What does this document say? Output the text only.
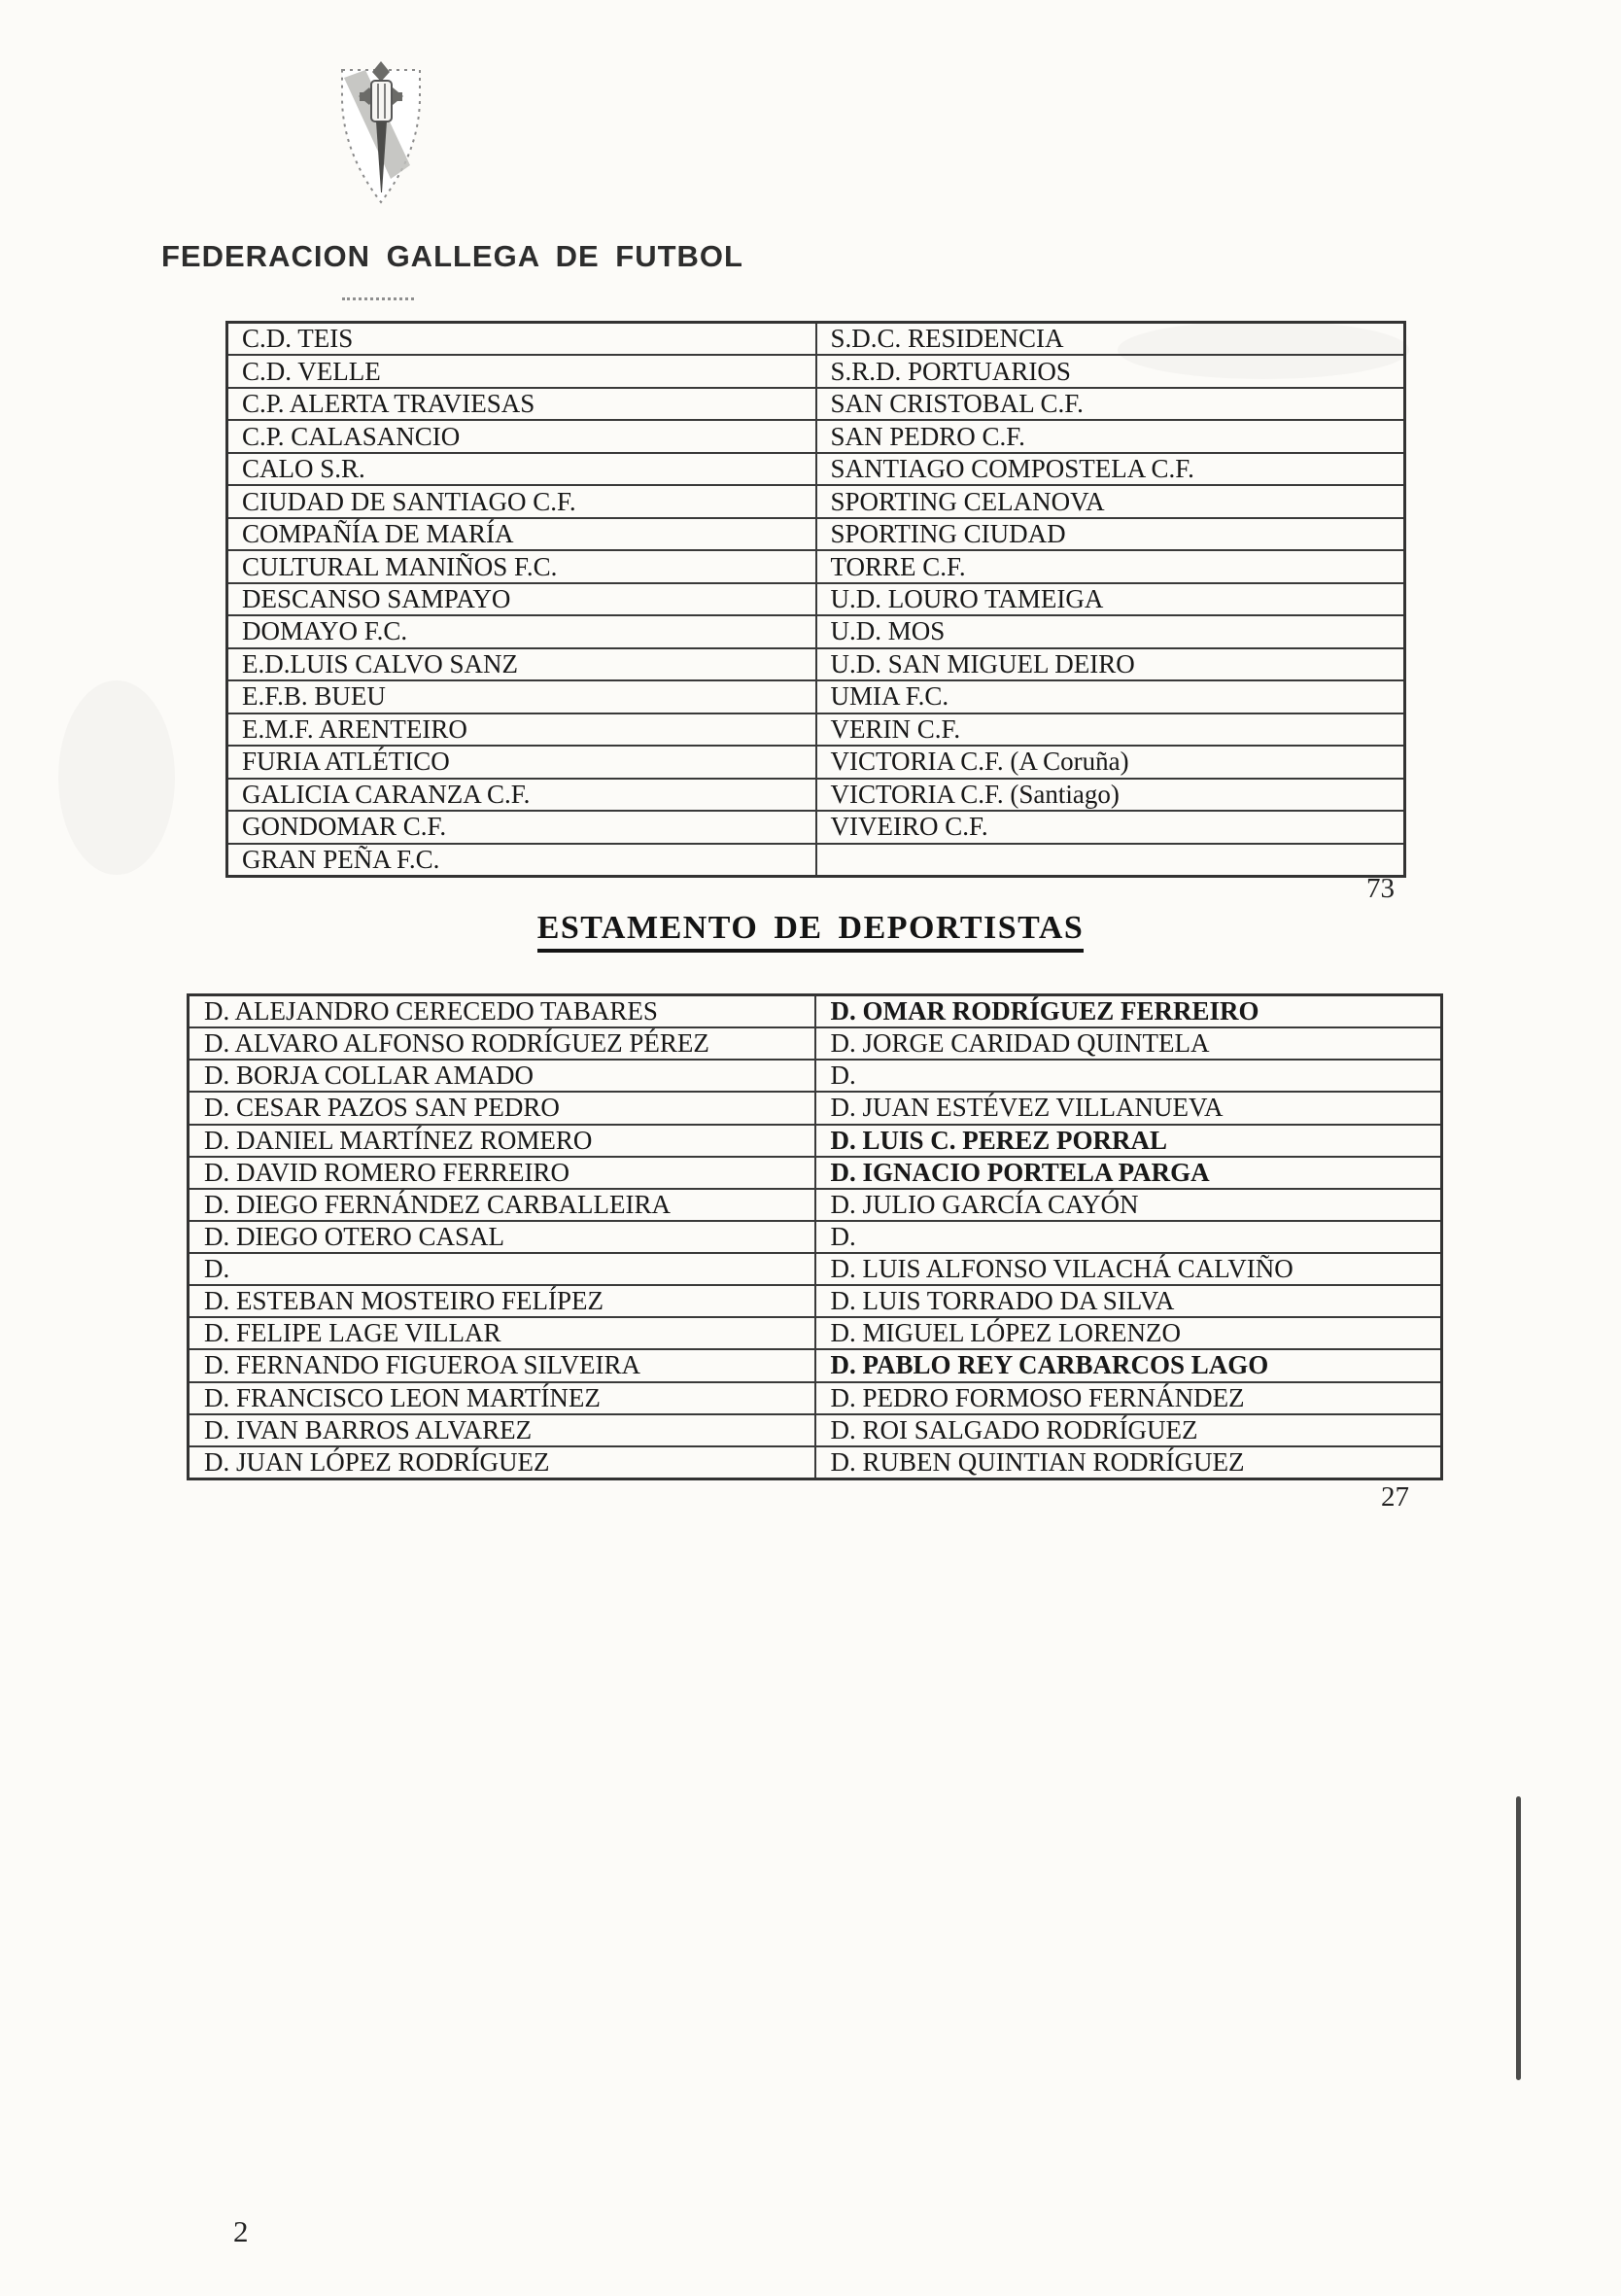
FEDERACION GALLEGA DE FUTBOL
C.D. TEIS	S.D.C. RESIDENCIA
C.D. VELLE	S.R.D. PORTUARIOS
C.P. ALERTA TRAVIESAS	SAN CRISTOBAL C.F.
C.P. CALASANCIO	SAN PEDRO C.F.
CALO S.R.	SANTIAGO COMPOSTELA C.F.
CIUDAD DE SANTIAGO C.F.	SPORTING CELANOVA
COMPAÑÍA DE MARÍA	SPORTING CIUDAD
CULTURAL MANIÑOS F.C.	TORRE C.F.
DESCANSO SAMPAYO	U.D. LOURO TAMEIGA
DOMAYO F.C.	U.D. MOS
E.D.LUIS CALVO SANZ	U.D. SAN MIGUEL DEIRO
E.F.B. BUEU	UMIA F.C.
E.M.F. ARENTEIRO	VERIN C.F.
FURIA ATLÉTICO	VICTORIA C.F. (A Coruña)
GALICIA CARANZA C.F.	VICTORIA C.F. (Santiago)
GONDOMAR C.F.	VIVEIRO C.F.
GRAN PEÑA F.C.	
73
ESTAMENTO DE DEPORTISTAS
D. ALEJANDRO CERECEDO TABARES	D. OMAR RODRÍGUEZ FERREIRO
D. ALVARO ALFONSO RODRÍGUEZ PÉREZ	D. JORGE CARIDAD QUINTELA
D. BORJA COLLAR AMADO	D.
D. CESAR PAZOS SAN PEDRO	D. JUAN ESTÉVEZ VILLANUEVA
D. DANIEL MARTÍNEZ ROMERO	D. LUIS C. PEREZ PORRAL
D. DAVID ROMERO FERREIRO	D. IGNACIO PORTELA PARGA
D. DIEGO FERNÁNDEZ CARBALLEIRA	D. JULIO GARCÍA CAYÓN
D. DIEGO OTERO CASAL	D.
D.	D. LUIS ALFONSO VILACHÁ CALVIÑO
D. ESTEBAN MOSTEIRO FELÍPEZ	D. LUIS TORRADO DA SILVA
D. FELIPE LAGE VILLAR	D. MIGUEL LÓPEZ LORENZO
D. FERNANDO FIGUEROA SILVEIRA	D. PABLO REY CARBARCOS LAGO
D. FRANCISCO LEON MARTÍNEZ	D. PEDRO FORMOSO FERNÁNDEZ
D. IVAN BARROS ALVAREZ	D. ROI SALGADO RODRÍGUEZ
D. JUAN LÓPEZ RODRÍGUEZ	D. RUBEN QUINTIAN RODRÍGUEZ
27

2
